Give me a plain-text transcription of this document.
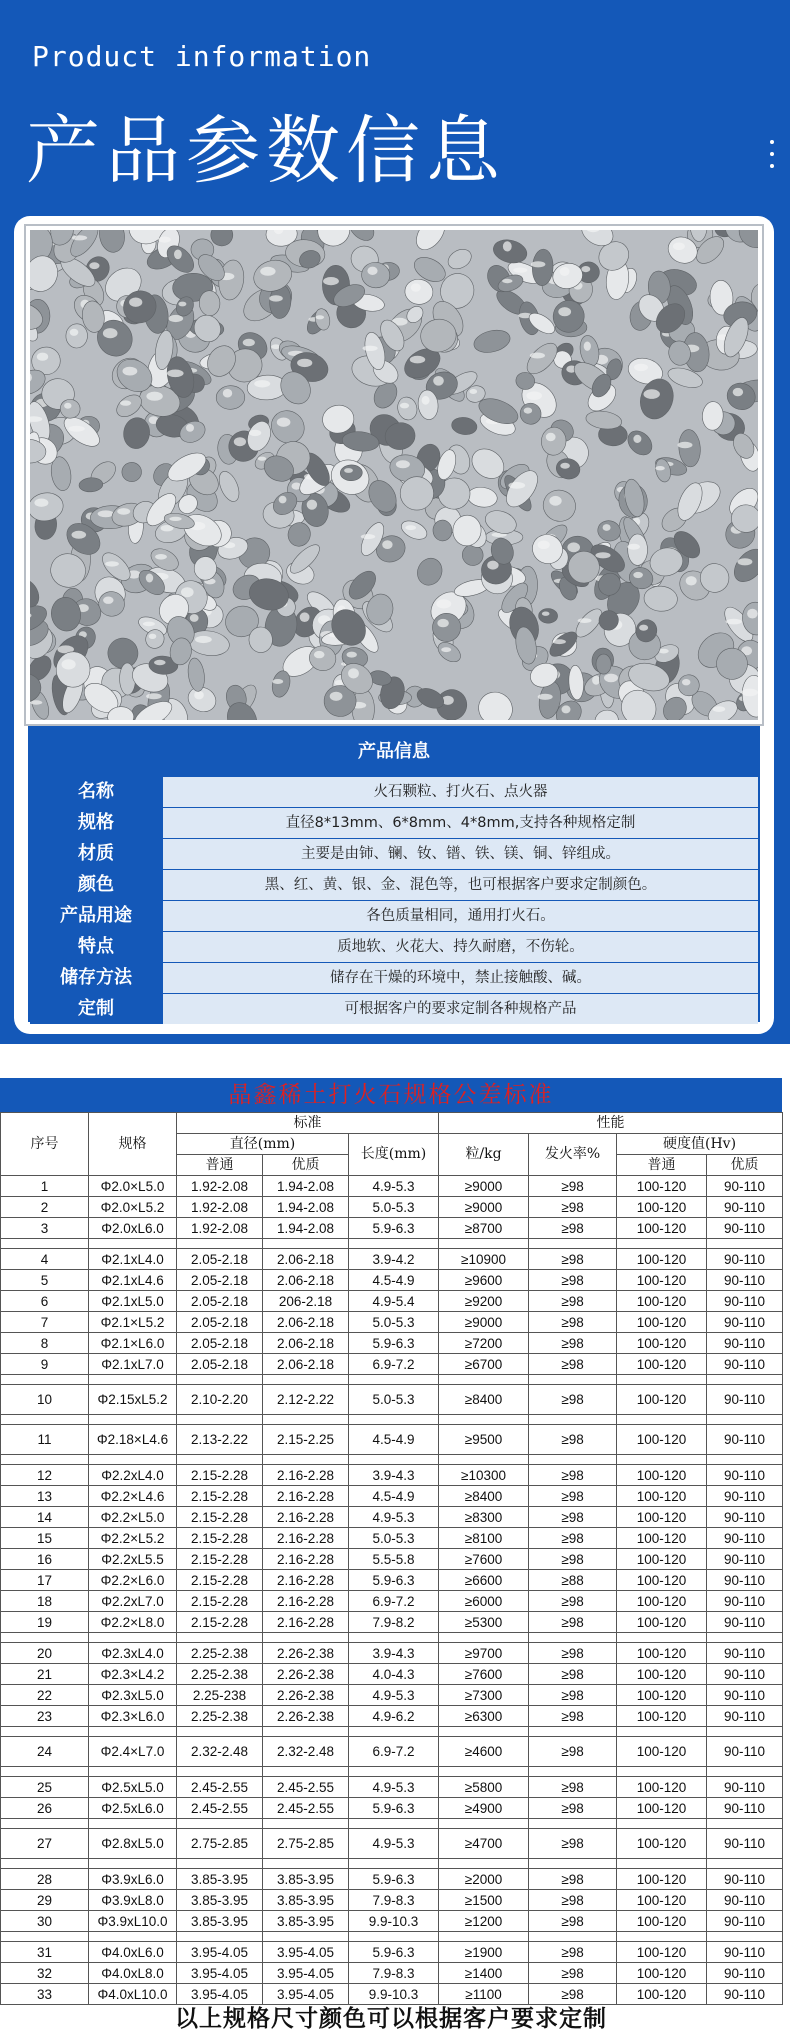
Product information
产品参数信息
产品信息
名称	火石颗粒、打火石、点火器
规格	直径8*13mm、6*8mm、4*8mm,支持各种规格定制
材质	主要是由铈、镧、钕、镨、铁、镁、铜、锌组成。
颜色	黑、红、黄、银、金、混色等，也可根据客户要求定制颜色。
产品用途	各色质量相同，通用打火石。
特点	质地软、火花大、持久耐磨，不伤轮。
储存方法	储存在干燥的环境中，禁止接触酸、碱。
定制	可根据客户的要求定制各种规格产品
晶鑫稀土打火石规格公差标准
序号	规格	标准			性能			
		直径(mm)		长度(mm)	粒/kg	发火率%	硬度值(Hv)	
		普通	优质				普通	优质
1	Φ2.0×L5.0	1.92-2.08	1.94-2.08	4.9-5.3	≥9000	≥98	100-120	90-110
2	Φ2.0×L5.2	1.92-2.08	1.94-2.08	5.0-5.3	≥9000	≥98	100-120	90-110
3	Φ2.0xL6.0	1.92-2.08	1.94-2.08	5.9-6.3	≥8700	≥98	100-120	90-110

4	Φ2.1xL4.0	2.05-2.18	2.06-2.18	3.9-4.2	≥10900	≥98	100-120	90-110
5	Φ2.1xL4.6	2.05-2.18	2.06-2.18	4.5-4.9	≥9600	≥98	100-120	90-110
6	Φ2.1xL5.0	2.05-2.18	206-2.18	4.9-5.4	≥9200	≥98	100-120	90-110
7	Φ2.1×L5.2	2.05-2.18	2.06-2.18	5.0-5.3	≥9000	≥98	100-120	90-110
8	Φ2.1×L6.0	2.05-2.18	2.06-2.18	5.9-6.3	≥7200	≥98	100-120	90-110
9	Φ2.1xL7.0	2.05-2.18	2.06-2.18	6.9-7.2	≥6700	≥98	100-120	90-110

10	Φ2.15xL5.2	2.10-2.20	2.12-2.22	5.0-5.3	≥8400	≥98	100-120	90-110

11	Φ2.18×L4.6	2.13-2.22	2.15-2.25	4.5-4.9	≥9500	≥98	100-120	90-110

12	Φ2.2xL4.0	2.15-2.28	2.16-2.28	3.9-4.3	≥10300	≥98	100-120	90-110
13	Φ2.2×L4.6	2.15-2.28	2.16-2.28	4.5-4.9	≥8400	≥98	100-120	90-110
14	Φ2.2×L5.0	2.15-2.28	2.16-2.28	4.9-5.3	≥8300	≥98	100-120	90-110
15	Φ2.2×L5.2	2.15-2.28	2.16-2.28	5.0-5.3	≥8100	≥98	100-120	90-110
16	Φ2.2xL5.5	2.15-2.28	2.16-2.28	5.5-5.8	≥7600	≥98	100-120	90-110
17	Φ2.2×L6.0	2.15-2.28	2.16-2.28	5.9-6.3	≥6600	≥88	100-120	90-110
18	Φ2.2xL7.0	2.15-2.28	2.16-2.28	6.9-7.2	≥6000	≥98	100-120	90-110
19	Φ2.2×L8.0	2.15-2.28	2.16-2.28	7.9-8.2	≥5300	≥98	100-120	90-110

20	Φ2.3xL4.0	2.25-2.38	2.26-2.38	3.9-4.3	≥9700	≥98	100-120	90-110
21	Φ2.3×L4.2	2.25-2.38	2.26-2.38	4.0-4.3	≥7600	≥98	100-120	90-110
22	Φ2.3xL5.0	2.25-238	2.26-2.38	4.9-5.3	≥7300	≥98	100-120	90-110
23	Φ2.3×L6.0	2.25-2.38	2.26-2.38	4.9-6.2	≥6300	≥98	100-120	90-110

24	Φ2.4×L7.0	2.32-2.48	2.32-2.48	6.9-7.2	≥4600	≥98	100-120	90-110

25	Φ2.5xL5.0	2.45-2.55	2.45-2.55	4.9-5.3	≥5800	≥98	100-120	90-110
26	Φ2.5xL6.0	2.45-2.55	2.45-2.55	5.9-6.3	≥4900	≥98	100-120	90-110

27	Φ2.8xL5.0	2.75-2.85	2.75-2.85	4.9-5.3	≥4700	≥98	100-120	90-110

28	Φ3.9xL6.0	3.85-3.95	3.85-3.95	5.9-6.3	≥2000	≥98	100-120	90-110
29	Φ3.9xL8.0	3.85-3.95	3.85-3.95	7.9-8.3	≥1500	≥98	100-120	90-110
30	Φ3.9xL10.0	3.85-3.95	3.85-3.95	9.9-10.3	≥1200	≥98	100-120	90-110

31	Φ4.0xL6.0	3.95-4.05	3.95-4.05	5.9-6.3	≥1900	≥98	100-120	90-110
32	Φ4.0xL8.0	3.95-4.05	3.95-4.05	7.9-8.3	≥1400	≥98	100-120	90-110
33	Φ4.0xL10.0	3.95-4.05	3.95-4.05	9.9-10.3	≥1100	≥98	100-120	90-110
以上规格尺寸颜色可以根据客户要求定制
